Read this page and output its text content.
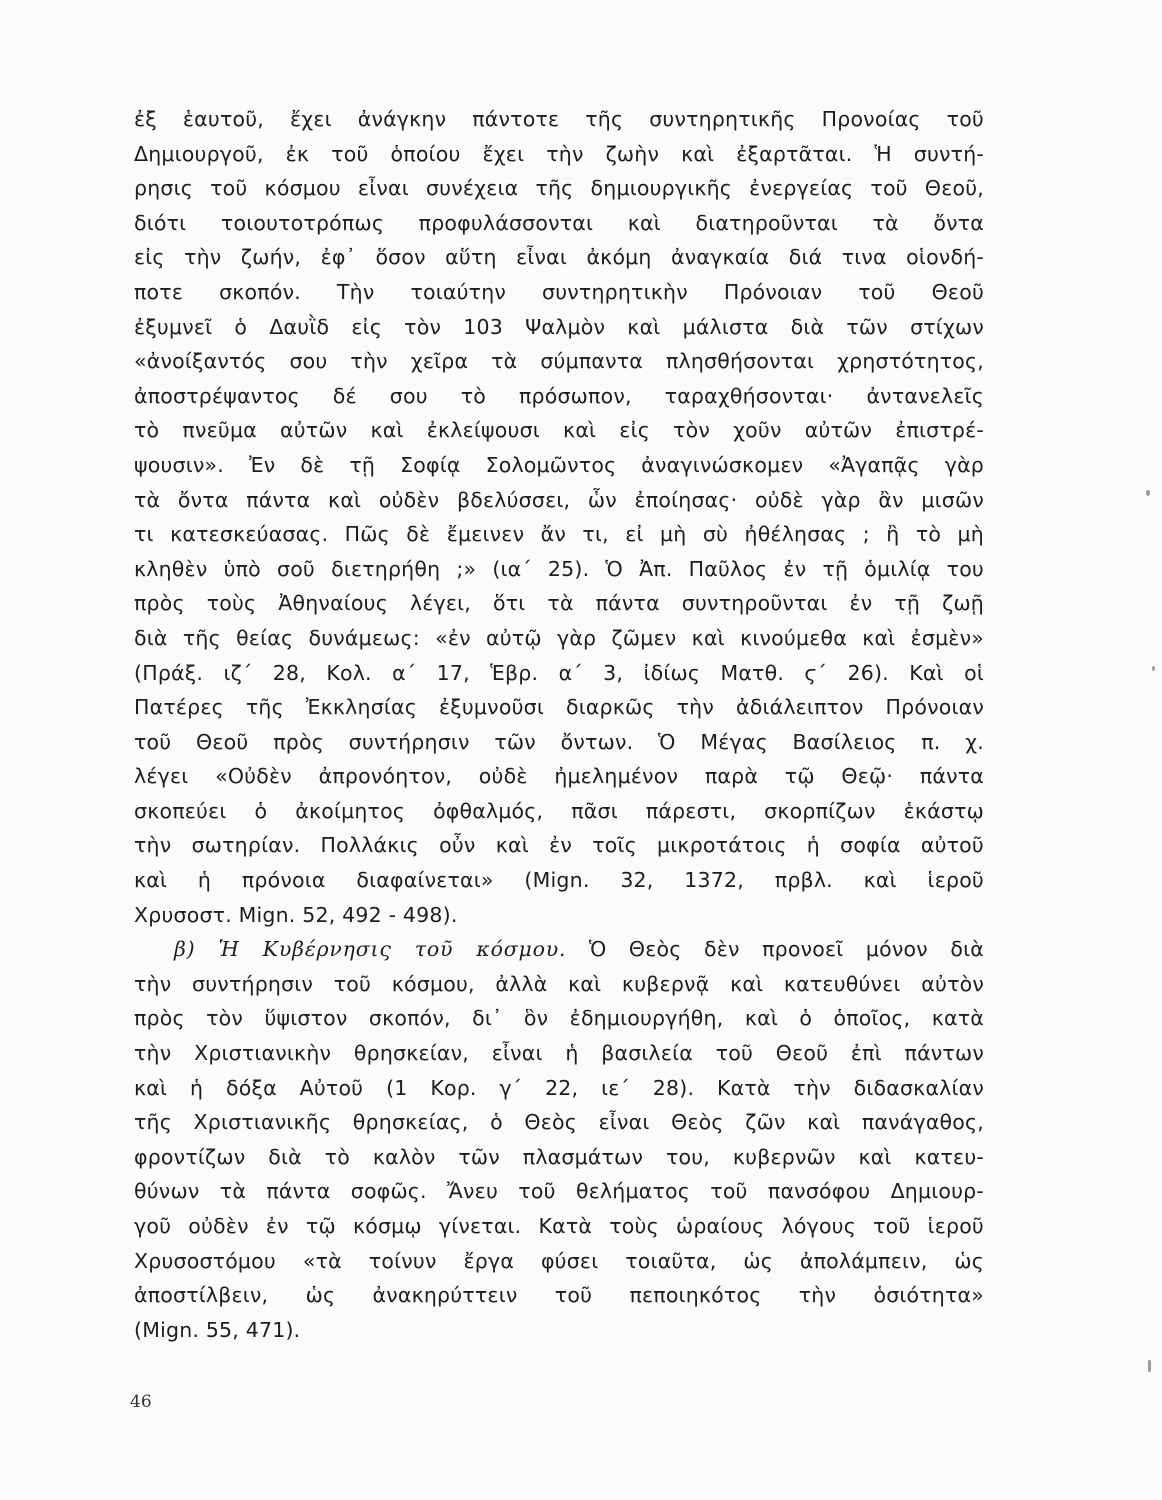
ἐξ ἑαυτοῦ, ἔχει ἀνάγκην πάντοτε τῆς συντηρητικῆς Προνοίας τοῦ
Δημιουργοῦ, ἐκ τοῦ ὁποίου ἔχει τὴν ζωὴν καὶ ἐξαρτᾶται. Ἡ συντή-
ρησις τοῦ κόσμου εἶναι συνέχεια τῆς δημιουργικῆς ἐνεργείας τοῦ Θεοῦ,
διότι τοιουτοτρόπως προφυλάσσονται καὶ διατηροῦνται τὰ ὄντα
εἰς τὴν ζωήν, ἐφ᾽ ὅσον αὕτη εἶναι ἀκόμη ἀναγκαία διά τινα οἱονδή-
ποτε σκοπόν. Τὴν τοιαύτην συντηρητικὴν Πρόνοιαν τοῦ Θεοῦ
ἐξυμνεῖ ὁ Δαυῒδ εἰς τὸν 103 Ψαλμὸν καὶ μάλιστα διὰ τῶν στίχων
«ἀνοίξαντός σου τὴν χεῖρα τὰ σύμπαντα πλησθήσονται χρηστότητος,
ἀποστρέψαντος δέ σου τὸ πρόσωπον, ταραχθήσονται· ἀντανελεῖς
τὸ πνεῦμα αὐτῶν καὶ ἐκλείψουσι καὶ εἰς τὸν χοῦν αὐτῶν ἐπιστρέ-
ψουσιν». Ἐν δὲ τῇ Σοφίᾳ Σολομῶντος ἀναγινώσκομεν «Ἀγαπᾷς γὰρ
τὰ ὄντα πάντα καὶ οὐδὲν βδελύσσει, ὧν ἐποίησας· οὐδὲ γὰρ ἂν μισῶν
τι κατεσκεύασας. Πῶς δὲ ἔμεινεν ἄν τι, εἰ μὴ σὺ ἠθέλησας ; ἢ τὸ μὴ
κληθὲν ὑπὸ σοῦ διετηρήθη ;» (ια΄ 25). Ὁ Ἀπ. Παῦλος ἐν τῇ ὁμιλίᾳ του
πρὸς τοὺς Ἀθηναίους λέγει, ὅτι τὰ πάντα συντηροῦνται ἐν τῇ ζωῇ
διὰ τῆς θείας δυνάμεως: «ἐν αὐτῷ γὰρ ζῶμεν καὶ κινούμεθα καὶ ἐσμὲν»
(Πράξ. ιζ΄ 28, Κολ. α΄ 17, Ἑβρ. α΄ 3, ἰδίως Ματθ. ϛ΄ 26). Καὶ οἱ
Πατέρες τῆς Ἐκκλησίας ἐξυμνοῦσι διαρκῶς τὴν ἀδιάλειπτον Πρόνοιαν
τοῦ Θεοῦ πρὸς συντήρησιν τῶν ὄντων. Ὁ Μέγας Βασίλειος π. χ.
λέγει «Οὐδὲν ἀπρονόητον, οὐδὲ ἠμελημένον παρὰ τῷ Θεῷ· πάντα
σκοπεύει ὁ ἀκοίμητος ὀφθαλμός, πᾶσι πάρεστι, σκορπίζων ἑκάστῳ
τὴν σωτηρίαν. Πολλάκις οὖν καὶ ἐν τοῖς μικροτάτοις ἡ σοφία αὐτοῦ
καὶ ἡ πρόνοια διαφαίνεται» (Mign. 32, 1372, πρβλ. καὶ ἱεροῦ
Χρυσοστ. Mign. 52, 492 - 498).
β) Ἡ Κυβέρνησις τοῦ κόσμου. Ὁ Θεὸς δὲν προνοεῖ μόνον διὰ
τὴν συντήρησιν τοῦ κόσμου, ἀλλὰ καὶ κυβερνᾷ καὶ κατευθύνει αὐτὸν
πρὸς τὸν ὕψιστον σκοπόν, δι᾽ ὃν ἐδημιουργήθη, καὶ ὁ ὁποῖος, κατὰ
τὴν Χριστιανικὴν θρησκείαν, εἶναι ἡ βασιλεία τοῦ Θεοῦ ἐπὶ πάντων
καὶ ἡ δόξα Αὐτοῦ (1 Κορ. γ΄ 22, ιε΄ 28). Κατὰ τὴν διδασκαλίαν
τῆς Χριστιανικῆς θρησκείας, ὁ Θεὸς εἶναι Θεὸς ζῶν καὶ πανάγαθος,
φροντίζων διὰ τὸ καλὸν τῶν πλασμάτων του, κυβερνῶν καὶ κατευ-
θύνων τὰ πάντα σοφῶς. Ἄνευ τοῦ θελήματος τοῦ πανσόφου Δημιουρ-
γοῦ οὐδὲν ἐν τῷ κόσμῳ γίνεται. Κατὰ τοὺς ὡραίους λόγους τοῦ ἱεροῦ
Χρυσοστόμου «τὰ τοίνυν ἔργα φύσει τοιαῦτα, ὡς ἀπολάμπειν, ὡς
ἀποστίλβειν, ὡς ἀνακηρύττειν τοῦ πεποιηκότος τὴν ὁσιότητα»
(Mign. 55, 471).
46
